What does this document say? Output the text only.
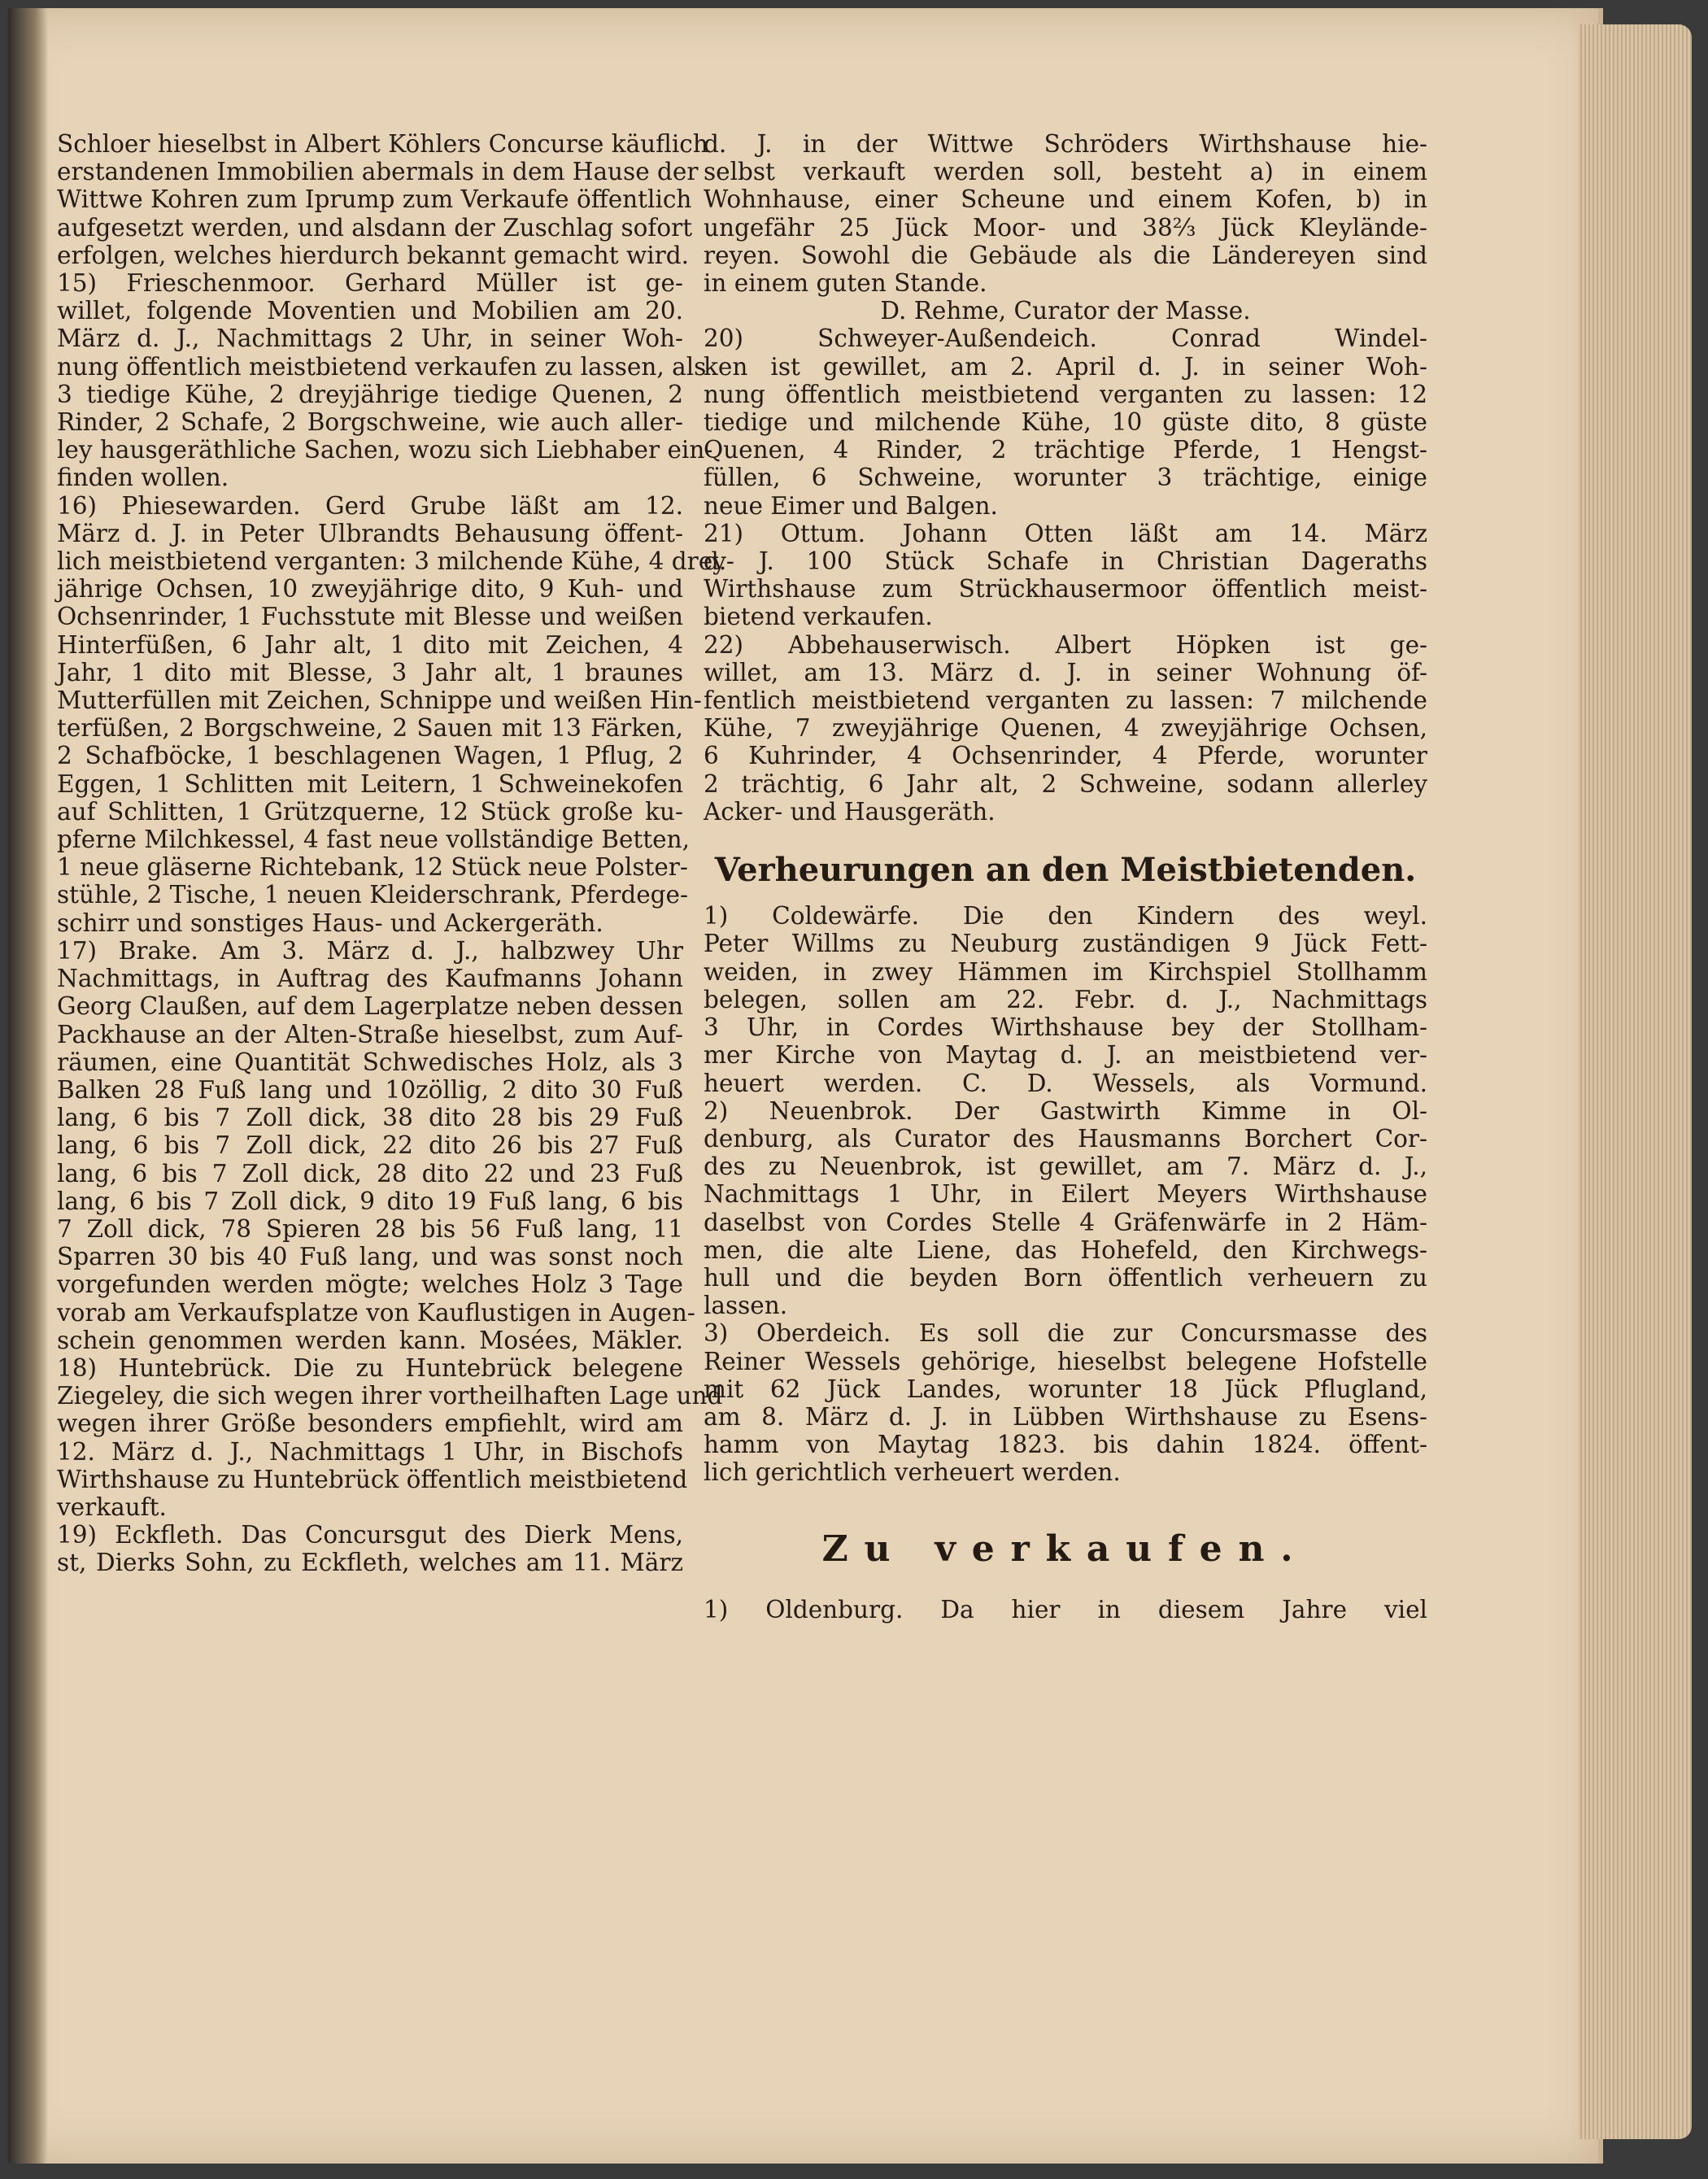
Schloer hieselbst in Albert Köhlers Concurse käuflich
erstandenen Immobilien abermals in dem Hause der
Wittwe Kohren zum Iprump zum Verkaufe öffentlich
aufgesetzt werden, und alsdann der Zuschlag sofort
erfolgen, welches hierdurch bekannt gemacht wird.
15) Frieschenmoor. Gerhard Müller ist ge-
willet, folgende Moventien und Mobilien am 20.
März d. J., Nachmittags 2 Uhr, in seiner Woh-
nung öffentlich meistbietend verkaufen zu lassen, als
3 tiedige Kühe, 2 dreyjährige tiedige Quenen, 2
Rinder, 2 Schafe, 2 Borgschweine, wie auch aller-
ley hausgeräthliche Sachen, wozu sich Liebhaber ein-
finden wollen.
16) Phiesewarden. Gerd Grube läßt am 12.
März d. J. in Peter Ulbrandts Behausung öffent-
lich meistbietend verganten: 3 milchende Kühe, 4 drey-
jährige Ochsen, 10 zweyjährige dito, 9 Kuh- und
Ochsenrinder, 1 Fuchsstute mit Blesse und weißen
Hinterfüßen, 6 Jahr alt, 1 dito mit Zeichen, 4
Jahr, 1 dito mit Blesse, 3 Jahr alt, 1 braunes
Mutterfüllen mit Zeichen, Schnippe und weißen Hin-
terfüßen, 2 Borgschweine, 2 Sauen mit 13 Färken,
2 Schafböcke, 1 beschlagenen Wagen, 1 Pflug, 2
Eggen, 1 Schlitten mit Leitern, 1 Schweinekofen
auf Schlitten, 1 Grützquerne, 12 Stück große ku-
pferne Milchkessel, 4 fast neue vollständige Betten,
1 neue gläserne Richtebank, 12 Stück neue Polster-
stühle, 2 Tische, 1 neuen Kleiderschrank, Pferdege-
schirr und sonstiges Haus- und Ackergeräth.
17) Brake. Am 3. März d. J., halbzwey Uhr
Nachmittags, in Auftrag des Kaufmanns Johann
Georg Claußen, auf dem Lagerplatze neben dessen
Packhause an der Alten-Straße hieselbst, zum Auf-
räumen, eine Quantität Schwedisches Holz, als 3
Balken 28 Fuß lang und 10zöllig, 2 dito 30 Fuß
lang, 6 bis 7 Zoll dick, 38 dito 28 bis 29 Fuß
lang, 6 bis 7 Zoll dick, 22 dito 26 bis 27 Fuß
lang, 6 bis 7 Zoll dick, 28 dito 22 und 23 Fuß
lang, 6 bis 7 Zoll dick, 9 dito 19 Fuß lang, 6 bis
7 Zoll dick, 78 Spieren 28 bis 56 Fuß lang, 11
Sparren 30 bis 40 Fuß lang, und was sonst noch
vorgefunden werden mögte; welches Holz 3 Tage
vorab am Verkaufsplatze von Kauflustigen in Augen-
schein genommen werden kann. Mosées, Mäkler.
18) Huntebrück. Die zu Huntebrück belegene
Ziegeley, die sich wegen ihrer vortheilhaften Lage und
wegen ihrer Größe besonders empfiehlt, wird am
12. März d. J., Nachmittags 1 Uhr, in Bischofs
Wirthshause zu Huntebrück öffentlich meistbietend
verkauft.
19) Eckfleth. Das Concursgut des Dierk Mens,
st, Dierks Sohn, zu Eckfleth, welches am 11. März
d. J. in der Wittwe Schröders Wirthshause hie-
selbst verkauft werden soll, besteht a) in einem
Wohnhause, einer Scheune und einem Kofen, b) in
ungefähr 25 Jück Moor- und 38⅔ Jück Kleylände-
reyen. Sowohl die Gebäude als die Ländereyen sind
in einem guten Stande.
D. Rehme, Curator der Masse.
20) Schweyer-Außendeich. Conrad Windel-
ken ist gewillet, am 2. April d. J. in seiner Woh-
nung öffentlich meistbietend verganten zu lassen: 12
tiedige und milchende Kühe, 10 güste dito, 8 güste
Quenen, 4 Rinder, 2 trächtige Pferde, 1 Hengst-
füllen, 6 Schweine, worunter 3 trächtige, einige
neue Eimer und Balgen.
21) Ottum. Johann Otten läßt am 14. März
d. J. 100 Stück Schafe in Christian Dageraths
Wirthshause zum Strückhausermoor öffentlich meist-
bietend verkaufen.
22) Abbehauserwisch. Albert Höpken ist ge-
willet, am 13. März d. J. in seiner Wohnung öf-
fentlich meistbietend verganten zu lassen: 7 milchende
Kühe, 7 zweyjährige Quenen, 4 zweyjährige Ochsen,
6 Kuhrinder, 4 Ochsenrinder, 4 Pferde, worunter
2 trächtig, 6 Jahr alt, 2 Schweine, sodann allerley
Acker- und Hausgeräth.
Verheurungen an den Meistbietenden.
1) Coldewärfe. Die den Kindern des weyl.
Peter Willms zu Neuburg zuständigen 9 Jück Fett-
weiden, in zwey Hämmen im Kirchspiel Stollhamm
belegen, sollen am 22. Febr. d. J., Nachmittags
3 Uhr, in Cordes Wirthshause bey der Stollham-
mer Kirche von Maytag d. J. an meistbietend ver-
heuert werden. C. D. Wessels, als Vormund.
2) Neuenbrok. Der Gastwirth Kimme in Ol-
denburg, als Curator des Hausmanns Borchert Cor-
des zu Neuenbrok, ist gewillet, am 7. März d. J.,
Nachmittags 1 Uhr, in Eilert Meyers Wirthshause
daselbst von Cordes Stelle 4 Gräfenwärfe in 2 Häm-
men, die alte Liene, das Hohefeld, den Kirchwegs-
hull und die beyden Born öffentlich verheuern zu
lassen.
3) Oberdeich. Es soll die zur Concursmasse des
Reiner Wessels gehörige, hieselbst belegene Hofstelle
mit 62 Jück Landes, worunter 18 Jück Pflugland,
am 8. März d. J. in Lübben Wirthshause zu Esens-
hamm von Maytag 1823. bis dahin 1824. öffent-
lich gerichtlich verheuert werden.
Zu verkaufen.
1) Oldenburg. Da hier in diesem Jahre viel
